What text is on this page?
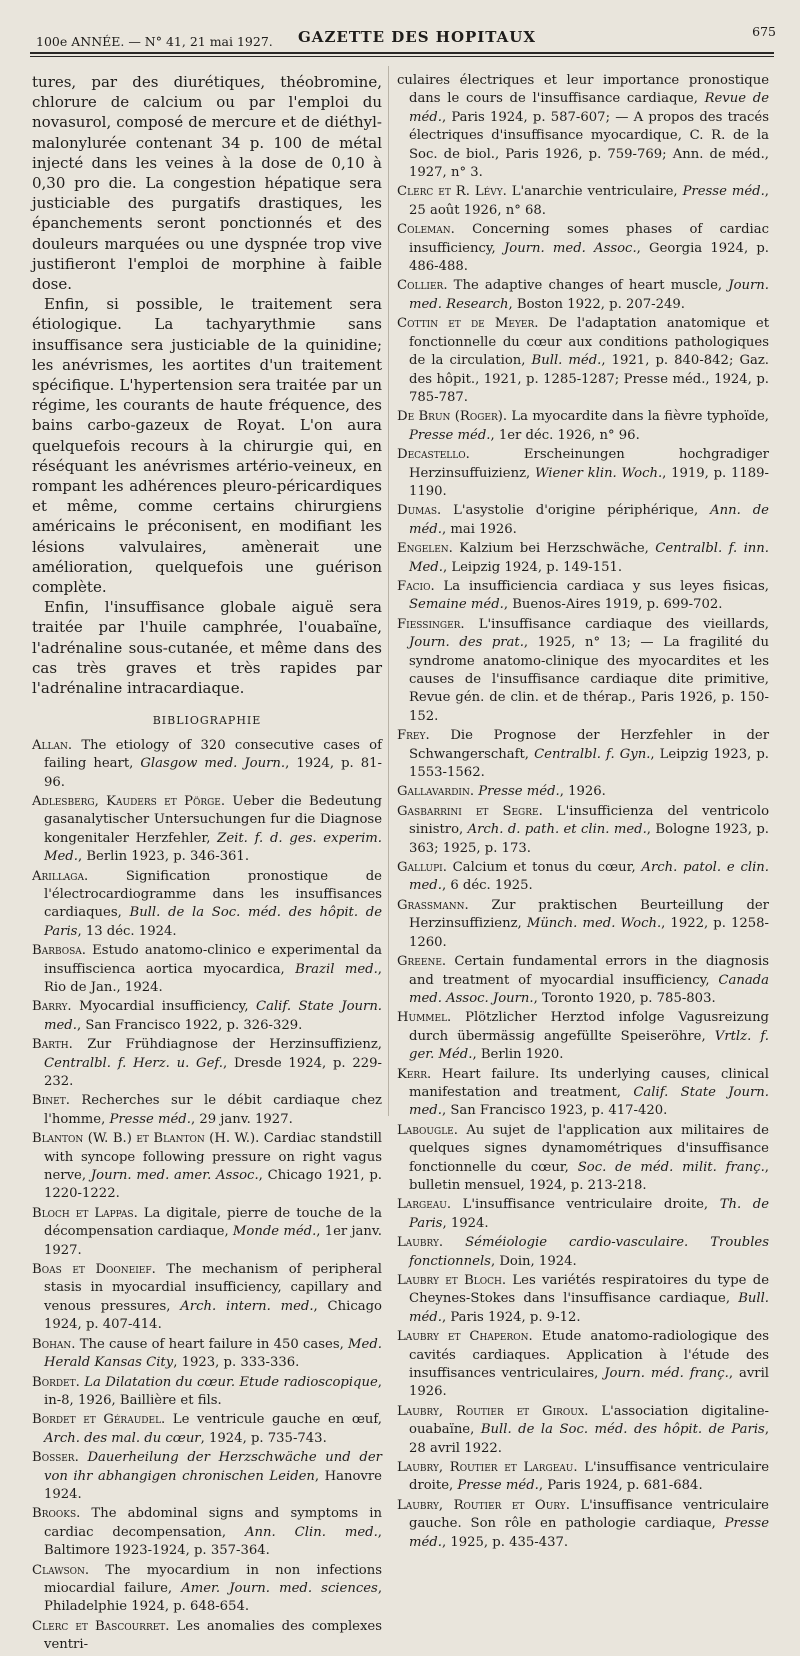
100e ANNÉE. — N° 41, 21 mai 1927. GAZETTE DES HOPITAUX	675

tures, par des diurétiques, théobromine, chlorure de calcium ou par l'emploi du novasurol, composé de mercure et de diéthyl-malonylurée contenant 34 p. 100 de métal injecté dans les veines à la dose de 0,10 à 0,30 pro die. La congestion hépatique sera justiciable des purgatifs drastiques, les épanchements seront ponctionnés et des douleurs marquées ou une dyspnée trop vive justifieront l'emploi de morphine à faible dose.

Enfin, si possible, le traitement sera étiologique. La tachyarythmie sans insuffisance sera justiciable de la quinidine; les anévrismes, les aortites d'un traitement spécifique. L'hypertension sera traitée par un régime, les courants de haute fréquence, des bains carbo-gazeux de Royat. L'on aura quelquefois recours à la chirurgie qui, en réséquant les anévrismes artério-veineux, en rompant les adhérences pleuro-péricardiques et même, comme certains chirurgiens américains le préconisent, en modifiant les lésions valvulaires, amènerait une amélioration, quelquefois une guérison complète.

Enfin, l'insuffisance globale aiguë sera traitée par l'huile camphrée, l'ouabaïne, l'adrénaline sous-cutanée, et même dans des cas très graves et très rapides par l'adrénaline intracardiaque.

BIBLIOGRAPHIE

Allan. The etiology of 320 consecutive cases of failing heart, Glasgow med. Journ., 1924, p. 81-96.

Adlesberg, Kauders et Pörge. Ueber die Bedeutung gasanalytischer Untersuchungen fur die Diagnose kongenitaler Herzfehler, Zeit. f. d. ges. experim. Med., Berlin 1923, p. 346-361.

Arillaga. Signification pronostique de l'électrocardiogramme dans les insuffisances cardiaques, Bull. de la Soc. méd. des hôpit. de Paris, 13 déc. 1924.

Barbosa. Estudo anatomo-clinico e experimental da insuffiscienca aortica myocardica, Brazil med., Rio de Jan., 1924.

Barry. Myocardial insufficiency, Calif. State Journ. med., San Francisco 1922, p. 326-329.

Barth. Zur Frühdiagnose der Herzinsuffizienz, Centralbl. f. Herz. u. Gef., Dresde 1924, p. 229-232.

Binet. Recherches sur le débit cardiaque chez l'homme, Presse méd., 29 janv. 1927.

Blanton (W. B.) et Blanton (H. W.). Cardiac standstill with syncope following pressure on right vagus nerve, Journ. med. amer. Assoc., Chicago 1921, p. 1220-1222.

Bloch et Lappas. La digitale, pierre de touche de la décompensation cardiaque, Monde méd., 1er janv. 1927.

Boas et Dooneief. The mechanism of peripheral stasis in myocardial insufficiency, capillary and venous pressures, Arch. intern. med., Chicago 1924, p. 407-414.

Bohan. The cause of heart failure in 450 cases, Med. Herald Kansas City, 1923, p. 333-336.

Bordet. La Dilatation du cœur. Etude radioscopique, in-8, 1926, Baillière et fils.

Bordet et Géraudel. Le ventricule gauche en œuf, Arch. des mal. du cœur, 1924, p. 735-743.

Bosser. Dauerheilung der Herzschwäche und der von ihr abhangigen chronischen Leiden, Hanovre 1924.

Brooks. The abdominal signs and symptoms in cardiac decompensation, Ann. Clin. med., Baltimore 1923-1924, p. 357-364.

Clawson. The myocardium in non infections miocardial failure, Amer. Journ. med. sciences, Philadelphie 1924, p. 648-654.

Clerc et Bascourret. Les anomalies des complexes ventri-

culaires électriques et leur importance pronostique dans le cours de l'insuffisance cardiaque, Revue de méd., Paris 1924, p. 587-607; — A propos des tracés électriques d'insuffisance myocardique, C. R. de la Soc. de biol., Paris 1926, p. 759-769; Ann. de méd., 1927, n° 3.

Clerc et R. Lévy. L'anarchie ventriculaire, Presse méd., 25 août 1926, n° 68.

Coleman. Concerning somes phases of cardiac insufficiency, Journ. med. Assoc., Georgia 1924, p. 486-488.

Collier. The adaptive changes of heart muscle, Journ. med. Research, Boston 1922, p. 207-249.

Cottin et de Meyer. De l'adaptation anatomique et fonctionnelle du cœur aux conditions pathologiques de la circulation, Bull. méd., 1921, p. 840-842; Gaz. des hôpit., 1921, p. 1285-1287; Presse méd., 1924, p. 785-787.

De Brun (Roger). La myocardite dans la fièvre typhoïde, Presse méd., 1er déc. 1926, n° 96.

Decastello. Erscheinungen hochgradiger Herzinsuffuizienz, Wiener klin. Woch., 1919, p. 1189-1190.

Dumas. L'asystolie d'origine périphérique, Ann. de méd., mai 1926.

Engelen. Kalzium bei Herzschwäche, Centralbl. f. inn. Med., Leipzig 1924, p. 149-151.

Facio. La insufficiencia cardiaca y sus leyes fisicas, Semaine méd., Buenos-Aires 1919, p. 699-702.

Fiessinger. L'insuffisance cardiaque des vieillards, Journ. des prat., 1925, n° 13; — La fragilité du syndrome anatomo-clinique des myocardites et les causes de l'insuffisance cardiaque dite primitive, Revue gén. de clin. et de thérap., Paris 1926, p. 150-152.

Frey. Die Prognose der Herzfehler in der Schwangerschaft, Centralbl. f. Gyn., Leipzig 1923, p. 1553-1562.

Gallavardin. Presse méd., 1926.

Gasbarrini et Segre. L'insufficienza del ventricolo sinistro, Arch. d. path. et clin. med., Bologne 1923, p. 363; 1925, p. 173.

Gallupi. Calcium et tonus du cœur, Arch. patol. e clin. med., 6 déc. 1925.

Grassmann. Zur praktischen Beurteillung der Herzinsuffizienz, Münch. med. Woch., 1922, p. 1258-1260.

Greene. Certain fundamental errors in the diagnosis and treatment of myocardial insufficiency, Canada med. Assoc. Journ., Toronto 1920, p. 785-803.

Hummel. Plötzlicher Herztod infolge Vagusreizung durch übermässig angefüllte Speiseröhre, Vrtlz. f. ger. Méd., Berlin 1920.

Kerr. Heart failure. Its underlying causes, clinical manifestation and treatment, Calif. State Journ. med., San Francisco 1923, p. 417-420.

Labougle. Au sujet de l'application aux militaires de quelques signes dynamométriques d'insuffisance fonctionnelle du cœur, Soc. de méd. milit. franç., bulletin mensuel, 1924, p. 213-218.

Largeau. L'insuffisance ventriculaire droite, Th. de Paris, 1924.

Laubry. Séméiologie cardio-vasculaire. Troubles fonctionnels, Doin, 1924.

Laubry et Bloch. Les variétés respiratoires du type de Cheynes-Stokes dans l'insuffisance cardiaque, Bull. méd., Paris 1924, p. 9-12.

Laubry et Chaperon. Etude anatomo-radiologique des cavités cardiaques. Application à l'étude des insuffisances ventriculaires, Journ. méd. franç., avril 1926.

Laubry, Routier et Giroux. L'association digitaline-ouabaïne, Bull. de la Soc. méd. des hôpit. de Paris, 28 avril 1922.

Laubry, Routier et Largeau. L'insuffisance ventriculaire droite, Presse méd., Paris 1924, p. 681-684.

Laubry, Routier et Oury. L'insuffisance ventriculaire gauche. Son rôle en pathologie cardiaque, Presse méd., 1925, p. 435-437.
